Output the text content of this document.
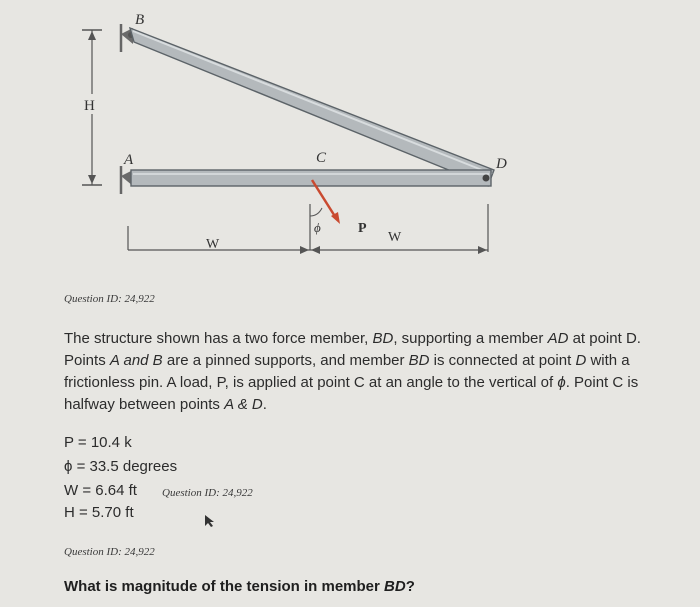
H
B
A	D
C
ϕ	P
W	W
Question ID: 24,922
The structure shown has a two force member, BD, supporting a member AD at point D. Points A and B are a pinned supports, and member BD is connected at point D with a frictionless pin. A load, P, is applied at point C at an angle to the vertical of ϕ. Point C is halfway between points A & D.
P = 10.4 k
ϕ = 33.5 degrees
W = 6.64 ft Question ID: 24,922
H = 5.70 ft
Question ID: 24,922
What is magnitude of the tension in member BD?
